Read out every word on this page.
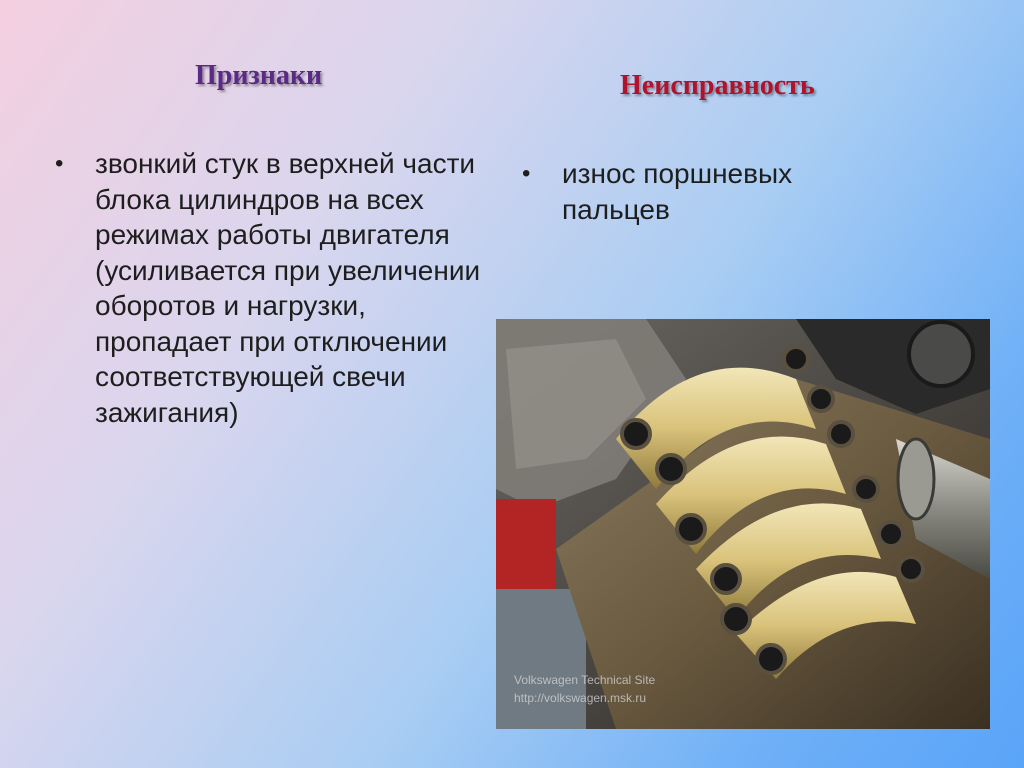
Признаки	Неисправность
• звонкий стук в верхней части блока цилиндров на всех режимах работы двигателя (усиливается при увеличении оборотов и нагрузки, пропадает при отключении соответствующей свечи зажигания)
• износ поршневых пальцев
Volkswagen Technical Site
http://volkswagen.msk.ru
